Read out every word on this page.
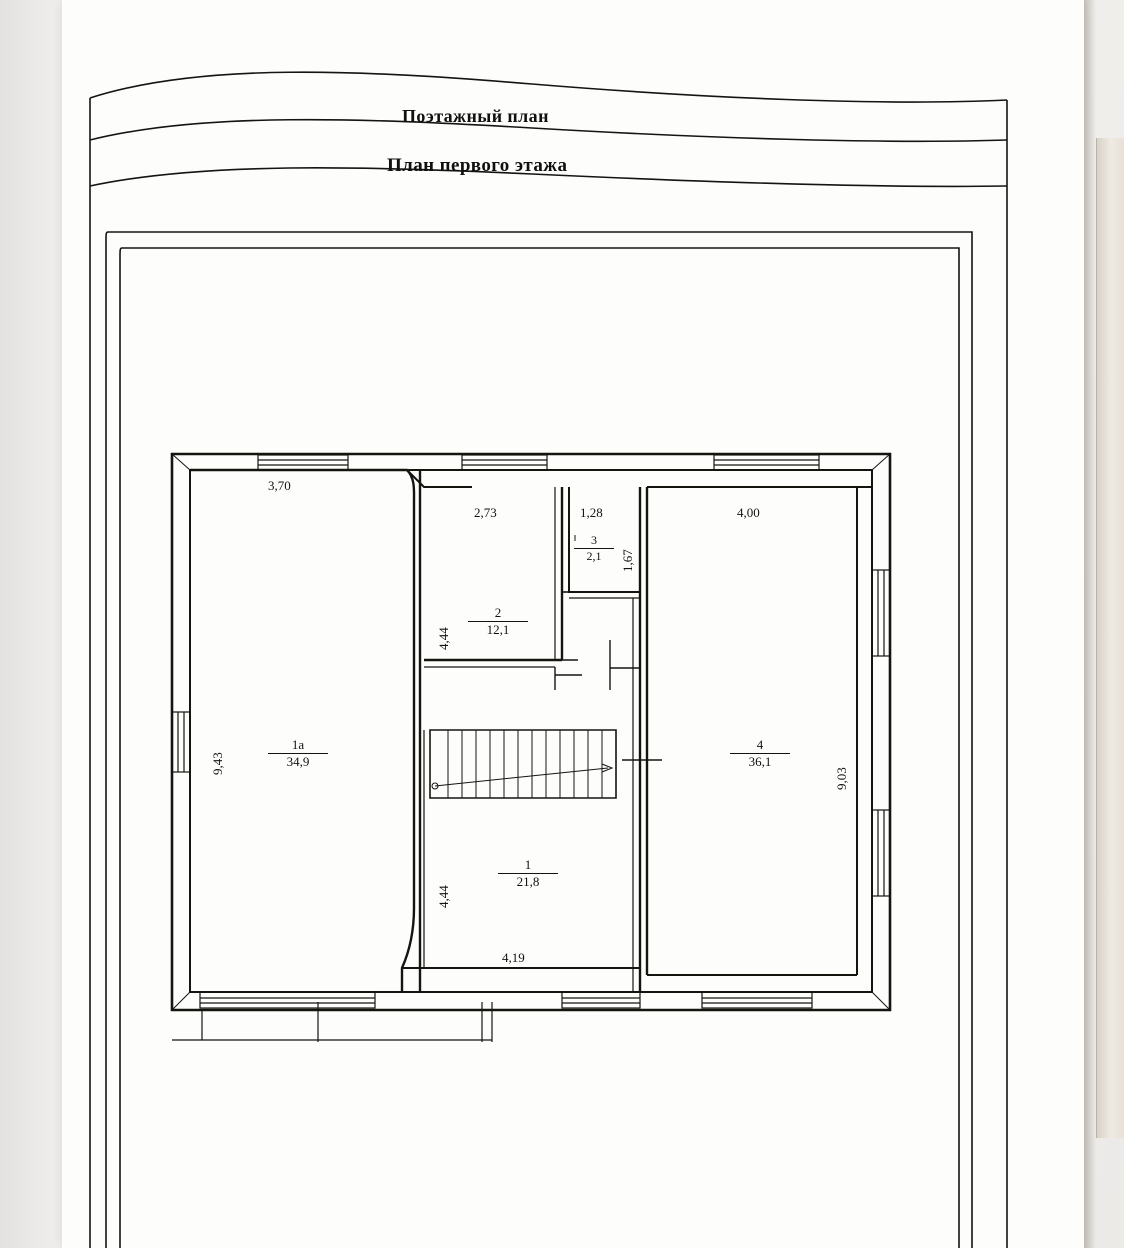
Поэтажный план
План первого этажа
3,70
2,73	1,28	4,00
4,19
9,43
4,44
1,67
4,44
9,03
1а
34,9
2
12,1
3
2,1
4
36,1
1
21,8
